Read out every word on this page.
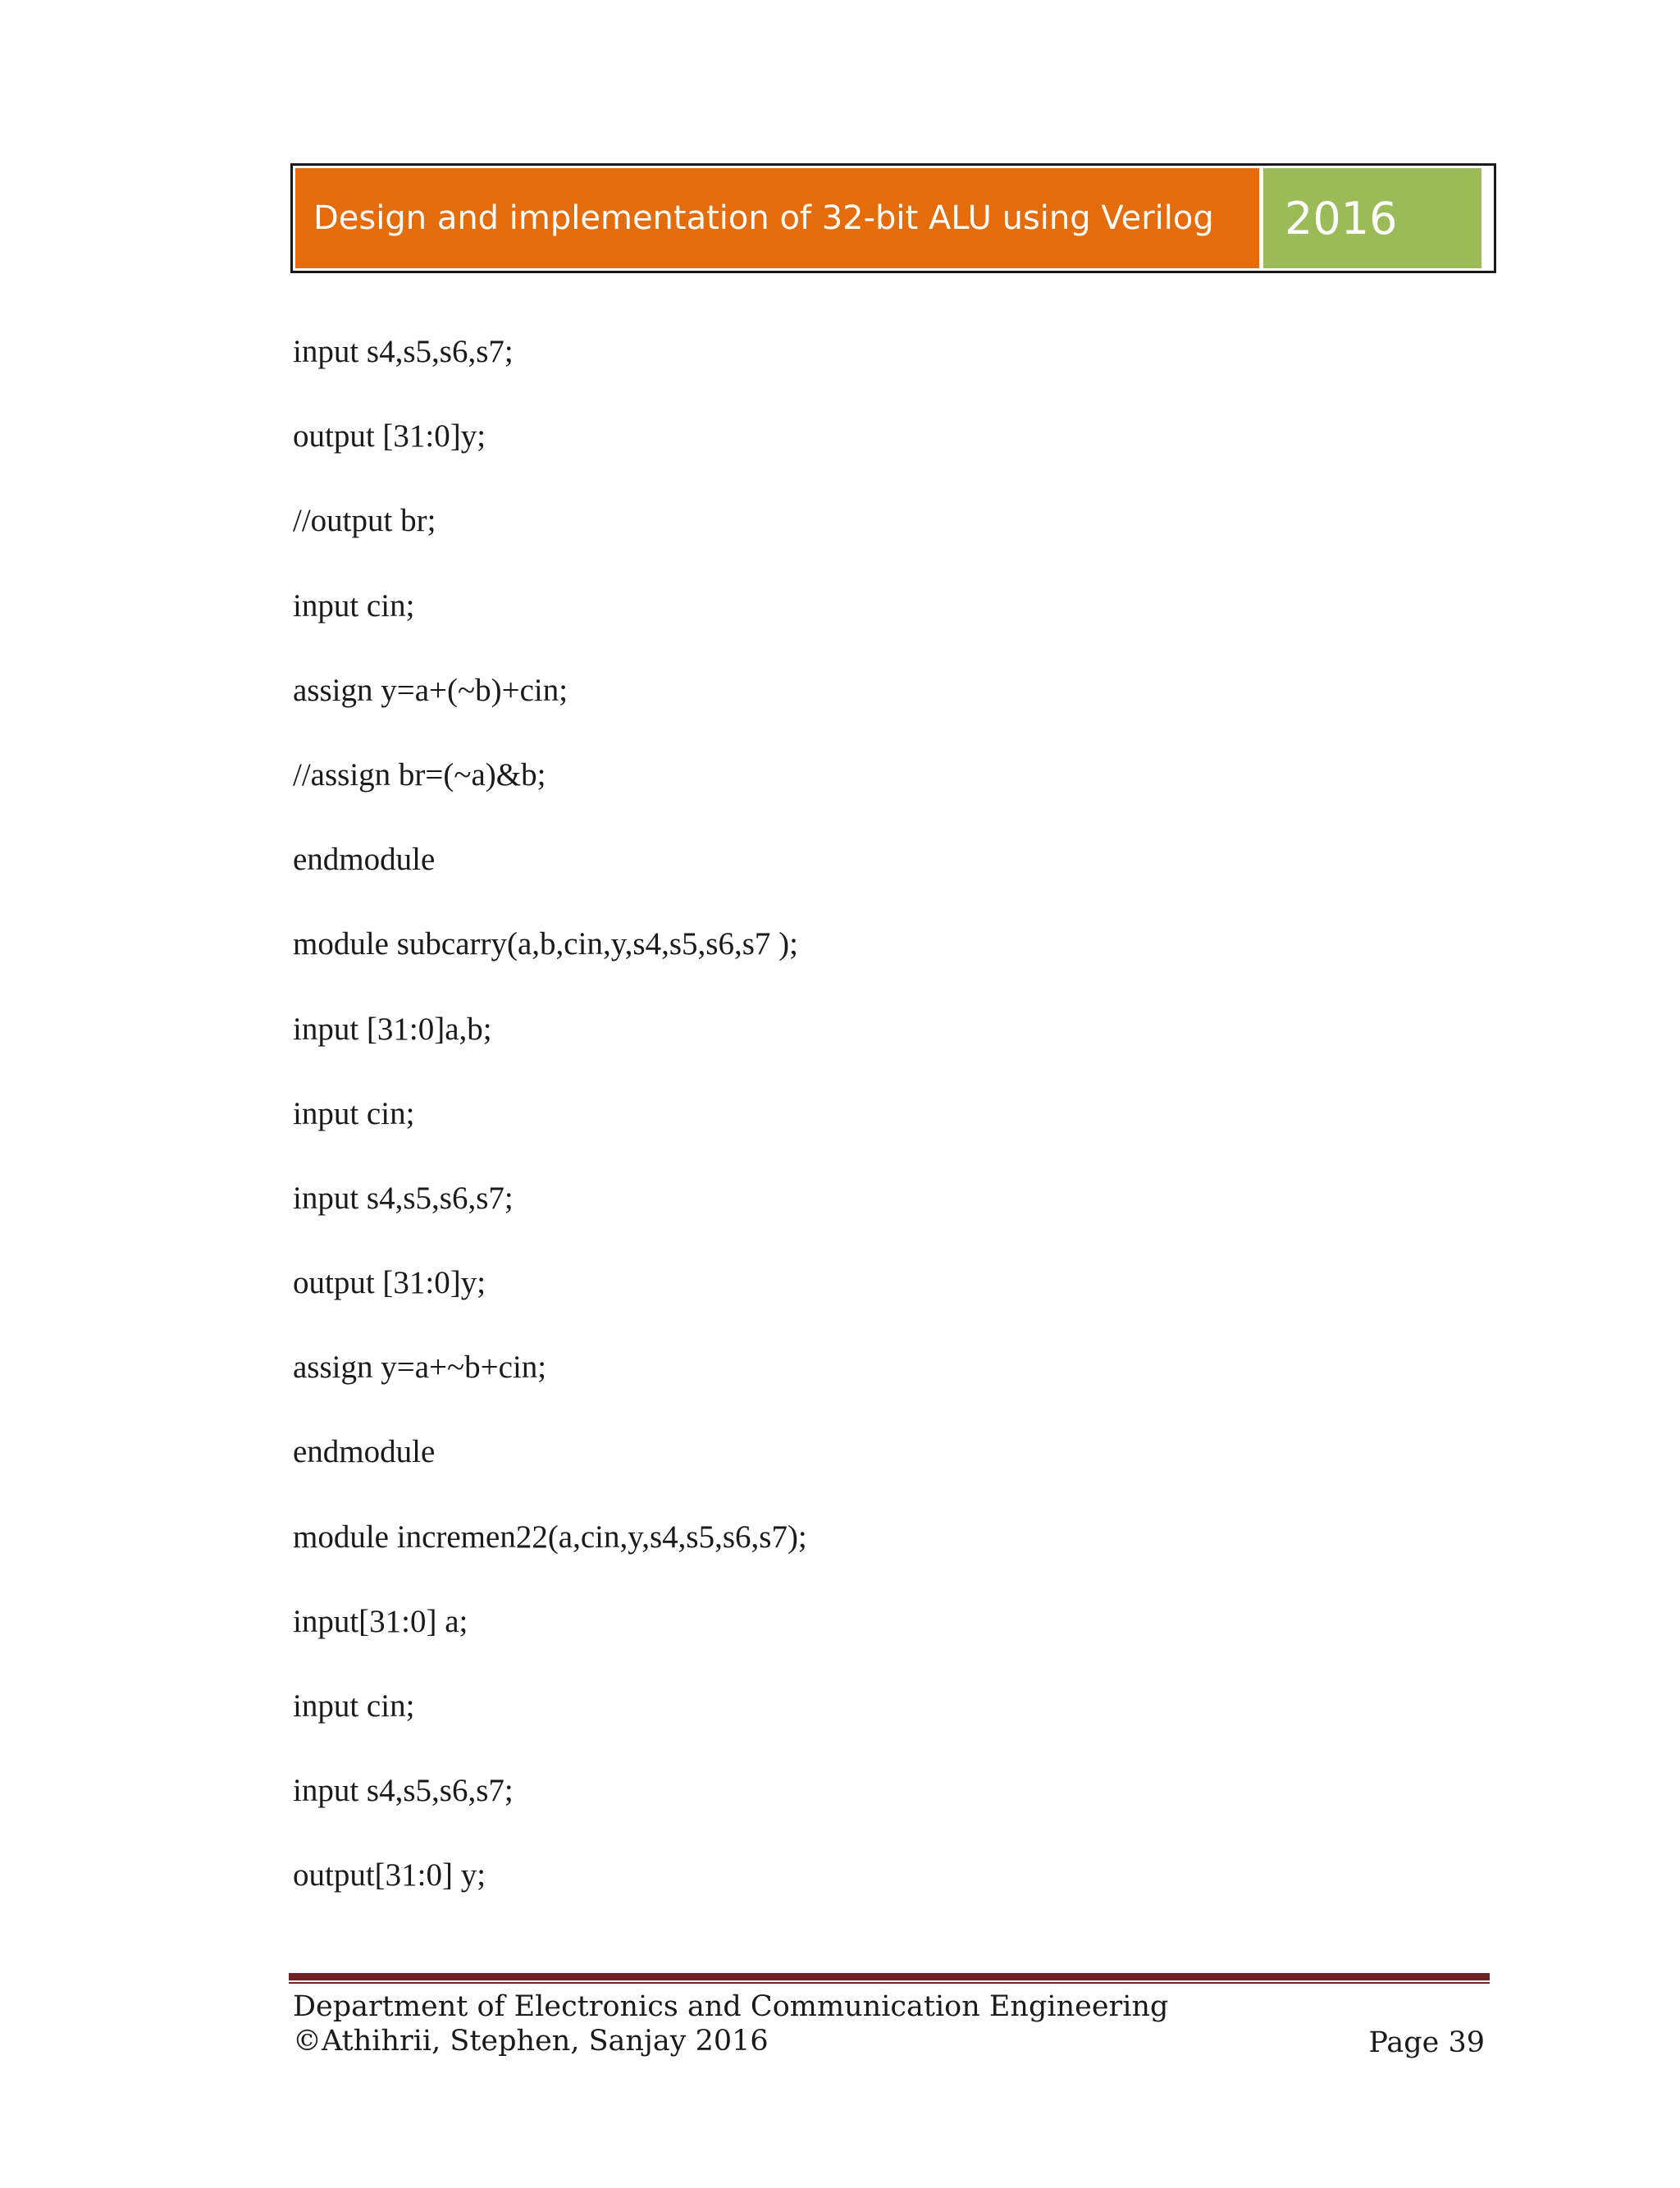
Design and implementation of 32-bit ALU using Verilog	2016
input s4,s5,s6,s7;
output [31:0]y;
//output br;
input cin;
assign y=a+(~b)+cin;
//assign br=(~a)&b;
endmodule
module subcarry(a,b,cin,y,s4,s5,s6,s7 );
input [31:0]a,b;
input cin;
input s4,s5,s6,s7;
output [31:0]y;
assign y=a+~b+cin;
endmodule
module incremen22(a,cin,y,s4,s5,s6,s7);
input[31:0] a;
input cin;
input s4,s5,s6,s7;
output[31:0] y;
Department of Electronics and Communication Engineering
©Athihrii, Stephen, Sanjay 2016	Page 39
